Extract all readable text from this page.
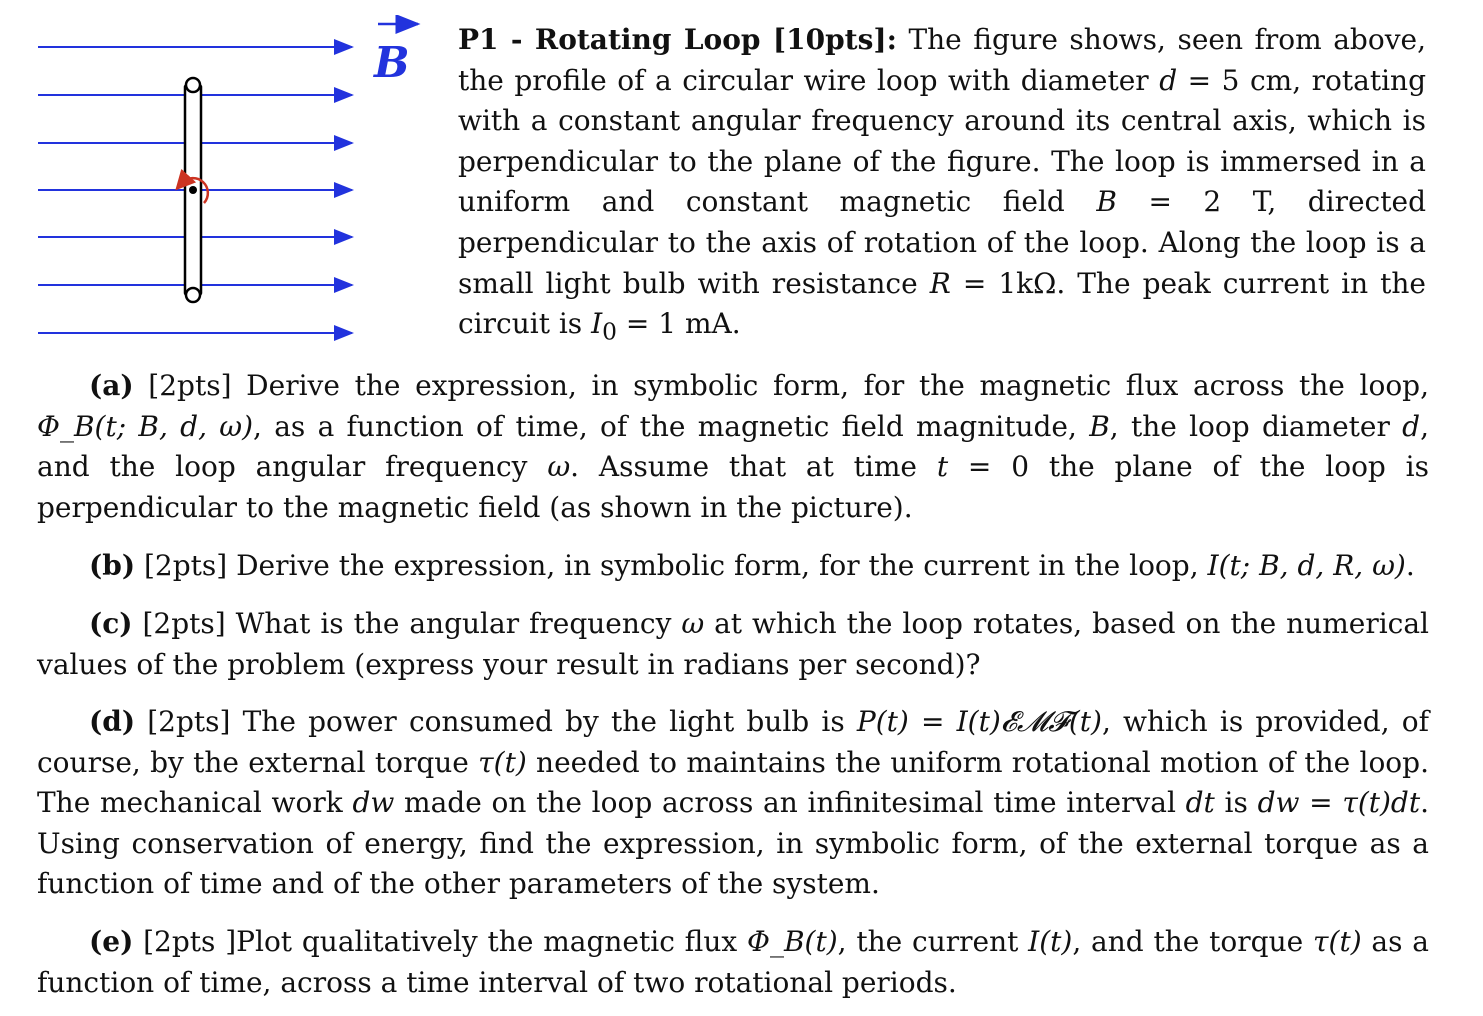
B P1 - Rotating Loop [10pts]: The figure shows, seen from above, the profile of a circular wire loop with diameter d = 5 cm, rotating with a constant angular frequency around its central axis, which is perpendicular to the plane of the figure. The loop is immersed in a uniform and constant magnetic field B = 2 T, directed perpendicular to the axis of rotation of the loop. Along the loop is a small light bulb with resistance R = 1kΩ. The peak current in the circuit is $I_0 = 1$ mA.

(a) [2pts] Derive the expression, in symbolic form, for the magnetic flux across the loop, Φ_B(t; B, d, ω), as a function of time, of the magnetic field magnitude, B, the loop diameter d, and the loop angular frequency ω. Assume that at time t = 0 the plane of the loop is perpendicular to the magnetic field (as shown in the picture).

(b) [2pts] Derive the expression, in symbolic form, for the current in the loop, I(t; B, d, R, ω).

(c) [2pts] What is the angular frequency ω at which the loop rotates, based on the numerical values of the problem (express your result in radians per second)?

(d) [2pts] The power consumed by the light bulb is P(t) = I(t)𝓔𝓜𝓕(t), which is provided, of course, by the external torque τ(t) needed to maintains the uniform rotational motion of the loop. The mechanical work dw made on the loop across an infinitesimal time interval dt is dw = τ(t)dt. Using conservation of energy, find the expression, in symbolic form, of the external torque as a function of time and of the other parameters of the system.

(e) [2pts ]Plot qualitatively the magnetic flux Φ_B(t), the current I(t), and the torque τ(t) as a function of time, across a time interval of two rotational periods.
